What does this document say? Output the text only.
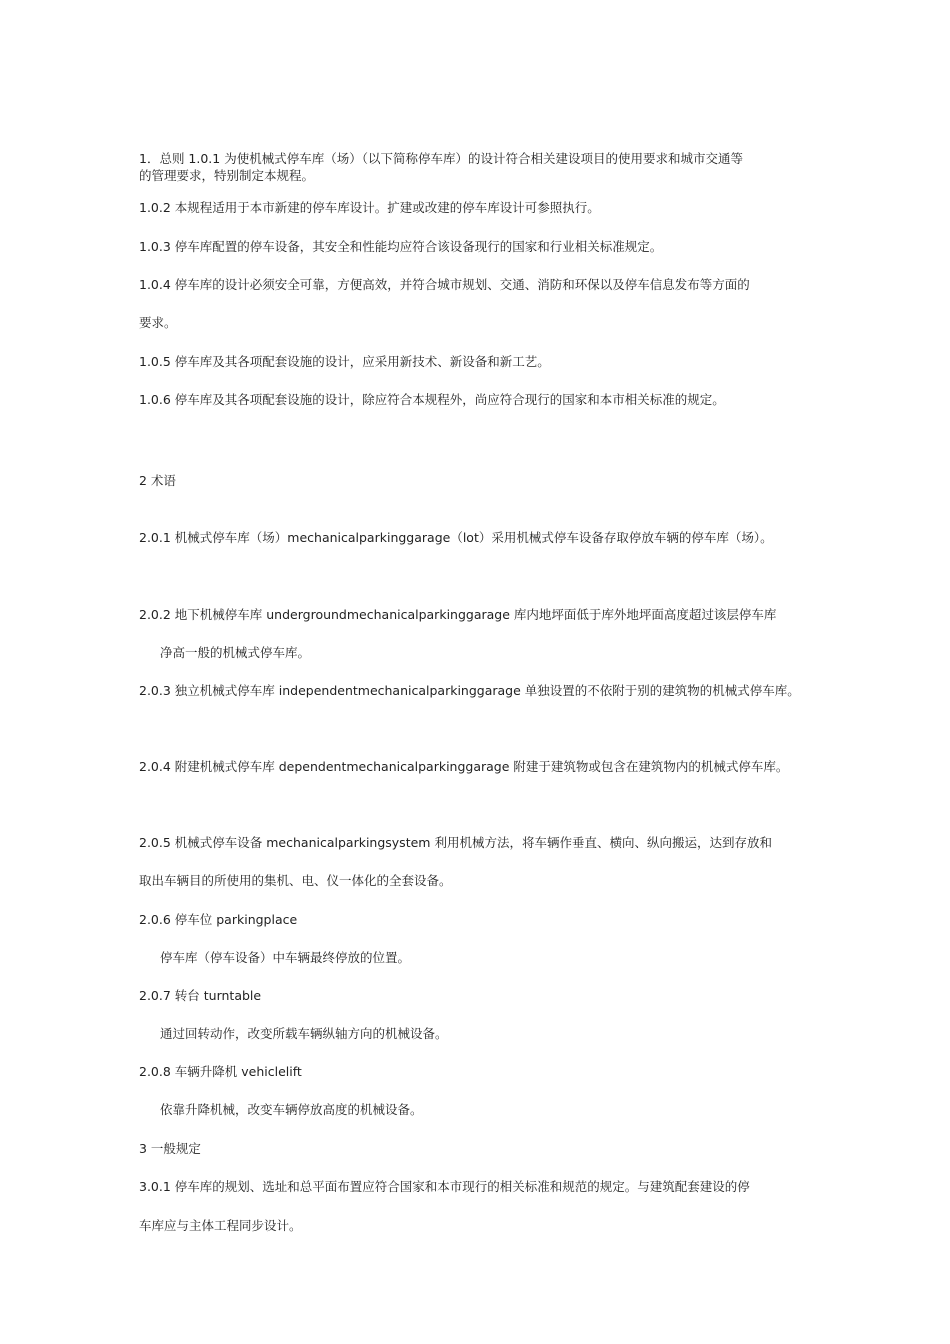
1．总则 1.0.1 为使机械式停车库（场）（以下简称停车库）的设计符合相关建设项目的使用要求和城市交通等

的管理要求，特别制定本规程。

1.0.2 本规程适用于本市新建的停车库设计。扩建或改建的停车库设计可参照执行。

1.0.3 停车库配置的停车设备，其安全和性能均应符合该设备现行的国家和行业相关标准规定。

1.0.4 停车库的设计必须安全可靠，方便高效，并符合城市规划、交通、消防和环保以及停车信息发布等方面的

要求。

1.0.5 停车库及其各项配套设施的设计，应采用新技术、新设备和新工艺。

1.0.6 停车库及其各项配套设施的设计，除应符合本规程外，尚应符合现行的国家和本市相关标准的规定。

2 术语

2.0.1 机械式停车库（场）mechanicalparkinggarage（lot）采用机械式停车设备存取停放车辆的停车库（场）。

2.0.2 地下机械停车库 undergroundmechanicalparkinggarage 库内地坪面低于库外地坪面高度超过该层停车库

净高一般的机械式停车库。

2.0.3 独立机械式停车库 independentmechanicalparkinggarage 单独设置的不依附于别的建筑物的机械式停车库。

2.0.4 附建机械式停车库 dependentmechanicalparkinggarage 附建于建筑物或包含在建筑物内的机械式停车库。

2.0.5 机械式停车设备 mechanicalparkingsystem 利用机械方法，将车辆作垂直、横向、纵向搬运，达到存放和

取出车辆目的所使用的集机、电、仪一体化的全套设备。

2.0.6 停车位 parkingplace

停车库（停车设备）中车辆最终停放的位置。

2.0.7 转台 turntable

通过回转动作，改变所载车辆纵轴方向的机械设备。

2.0.8 车辆升降机 vehiclelift

依靠升降机械，改变车辆停放高度的机械设备。

3 一般规定

3.0.1 停车库的规划、选址和总平面布置应符合国家和本市现行的相关标准和规范的规定。与建筑配套建设的停

车库应与主体工程同步设计。
